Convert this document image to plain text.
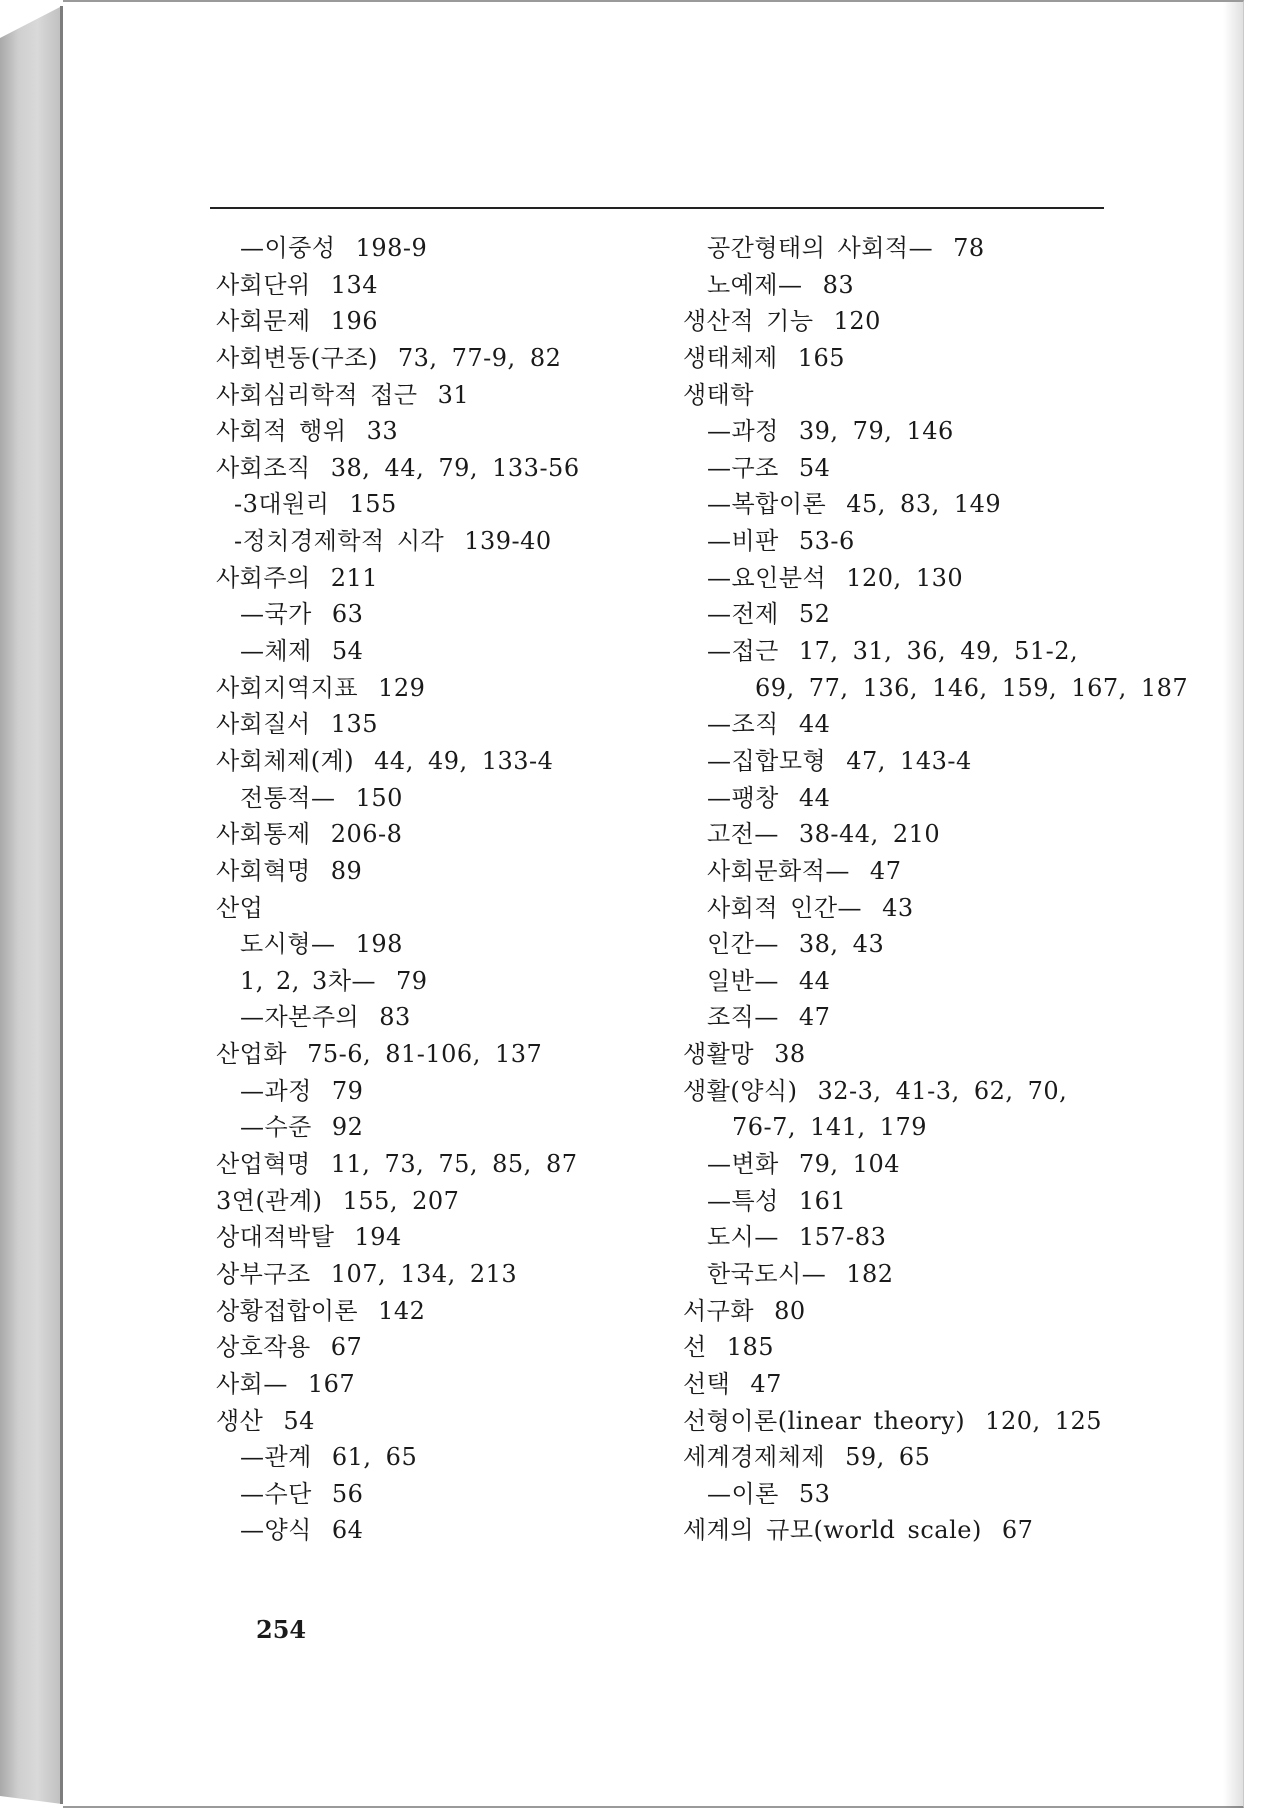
—이중성 198-9
사회단위 134
사회문제 196
사회변동(구조) 73, 77-9, 82
사회심리학적 접근 31
사회적 행위 33
사회조직 38, 44, 79, 133-56
-3대원리 155
-정치경제학적 시각 139-40
사회주의 211
—국가 63
—체제 54
사회지역지표 129
사회질서 135
사회체제(계) 44, 49, 133-4
전통적— 150
사회통제 206-8
사회혁명 89
산업
도시형— 198
1, 2, 3차— 79
—자본주의 83
산업화 75-6, 81-106, 137
—과정 79
—수준 92
산업혁명 11, 73, 75, 85, 87
3연(관계) 155, 207
상대적박탈 194
상부구조 107, 134, 213
상황접합이론 142
상호작용 67
사회— 167
생산 54
—관계 61, 65
—수단 56
—양식 64
공간형태의 사회적— 78
노예제— 83
생산적 기능 120
생태체제 165
생태학
—과정 39, 79, 146
—구조 54
—복합이론 45, 83, 149
—비판 53-6
—요인분석 120, 130
—전제 52
—접근 17, 31, 36, 49, 51-2,
69, 77, 136, 146, 159, 167, 187
—조직 44
—집합모형 47, 143-4
—팽창 44
고전— 38-44, 210
사회문화적— 47
사회적 인간— 43
인간— 38, 43
일반— 44
조직— 47
생활망 38
생활(양식) 32-3, 41-3, 62, 70,
76-7, 141, 179
—변화 79, 104
—특성 161
도시— 157-83
한국도시— 182
서구화 80
선 185
선택 47
선형이론(linear theory) 120, 125
세계경제체제 59, 65
—이론 53
세계의 규모(world scale) 67
254
